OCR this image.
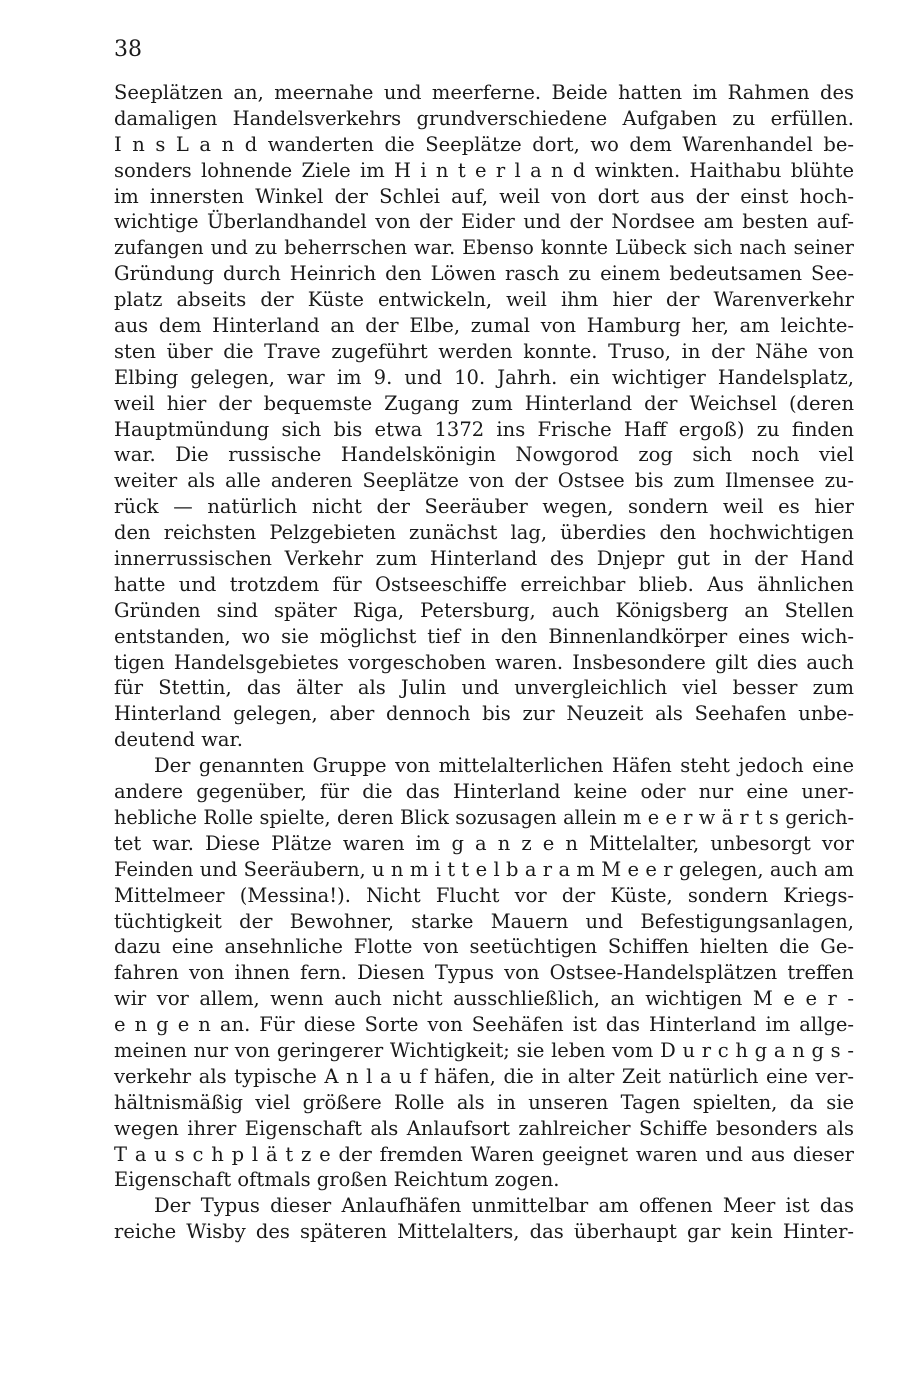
38
Seeplätzen an, meernahe und meerferne. Beide hatten im Rahmen des
damaligen Handelsverkehrs grundverschiedene Aufgaben zu erfüllen.
I n s L a n d wanderten die Seeplätze dort, wo dem Warenhandel be-
sonders lohnende Ziele im H i n t e r l a n d winkten. Haithabu blühte
im innersten Winkel der Schlei auf, weil von dort aus der einst hoch-
wichtige Überlandhandel von der Eider und der Nordsee am besten auf-
zufangen und zu beherrschen war. Ebenso konnte Lübeck sich nach seiner
Gründung durch Heinrich den Löwen rasch zu einem bedeutsamen See-
platz abseits der Küste entwickeln, weil ihm hier der Warenverkehr
aus dem Hinterland an der Elbe, zumal von Hamburg her, am leichte-
sten über die Trave zugeführt werden konnte. Truso, in der Nähe von
Elbing gelegen, war im 9. und 10. Jahrh. ein wichtiger Handelsplatz,
weil hier der bequemste Zugang zum Hinterland der Weichsel (deren
Hauptmündung sich bis etwa 1372 ins Frische Haff ergoß) zu finden
war. Die russische Handelskönigin Nowgorod zog sich noch viel
weiter als alle anderen Seeplätze von der Ostsee bis zum Ilmensee zu-
rück — natürlich nicht der Seeräuber wegen, sondern weil es hier
den reichsten Pelzgebieten zunächst lag, überdies den hochwichtigen
innerrussischen Verkehr zum Hinterland des Dnjepr gut in der Hand
hatte und trotzdem für Ostseeschiffe erreichbar blieb. Aus ähnlichen
Gründen sind später Riga, Petersburg, auch Königsberg an Stellen
entstanden, wo sie möglichst tief in den Binnenlandkörper eines wich-
tigen Handelsgebietes vorgeschoben waren. Insbesondere gilt dies auch
für Stettin, das älter als Julin und unvergleichlich viel besser zum
Hinterland gelegen, aber dennoch bis zur Neuzeit als Seehafen unbe-
deutend war.
Der genannten Gruppe von mittelalterlichen Häfen steht jedoch eine
andere gegenüber, für die das Hinterland keine oder nur eine uner-
hebliche Rolle spielte, deren Blick sozusagen allein m e e r w ä r t s gerich-
tet war. Diese Plätze waren im g a n z e n Mittelalter, unbesorgt vor
Feinden und Seeräubern, u n m i t t e l b a r a m M e e r gelegen, auch am
Mittelmeer (Messina!). Nicht Flucht vor der Küste, sondern Kriegs-
tüchtigkeit der Bewohner, starke Mauern und Befestigungsanlagen,
dazu eine ansehnliche Flotte von seetüchtigen Schiffen hielten die Ge-
fahren von ihnen fern. Diesen Typus von Ostsee-Handelsplätzen treffen
wir vor allem, wenn auch nicht ausschließlich, an wichtigen M e e r -
e n g e n an. Für diese Sorte von Seehäfen ist das Hinterland im allge-
meinen nur von geringerer Wichtigkeit; sie leben vom D u r c h g a n g s -
verkehr als typische A n l a u f häfen, die in alter Zeit natürlich eine ver-
hältnismäßig viel größere Rolle als in unseren Tagen spielten, da sie
wegen ihrer Eigenschaft als Anlaufsort zahlreicher Schiffe besonders als
T a u s c h p l ä t z e der fremden Waren geeignet waren und aus dieser
Eigenschaft oftmals großen Reichtum zogen.
Der Typus dieser Anlaufhäfen unmittelbar am offenen Meer ist das
reiche Wisby des späteren Mittelalters, das überhaupt gar kein Hinter-
